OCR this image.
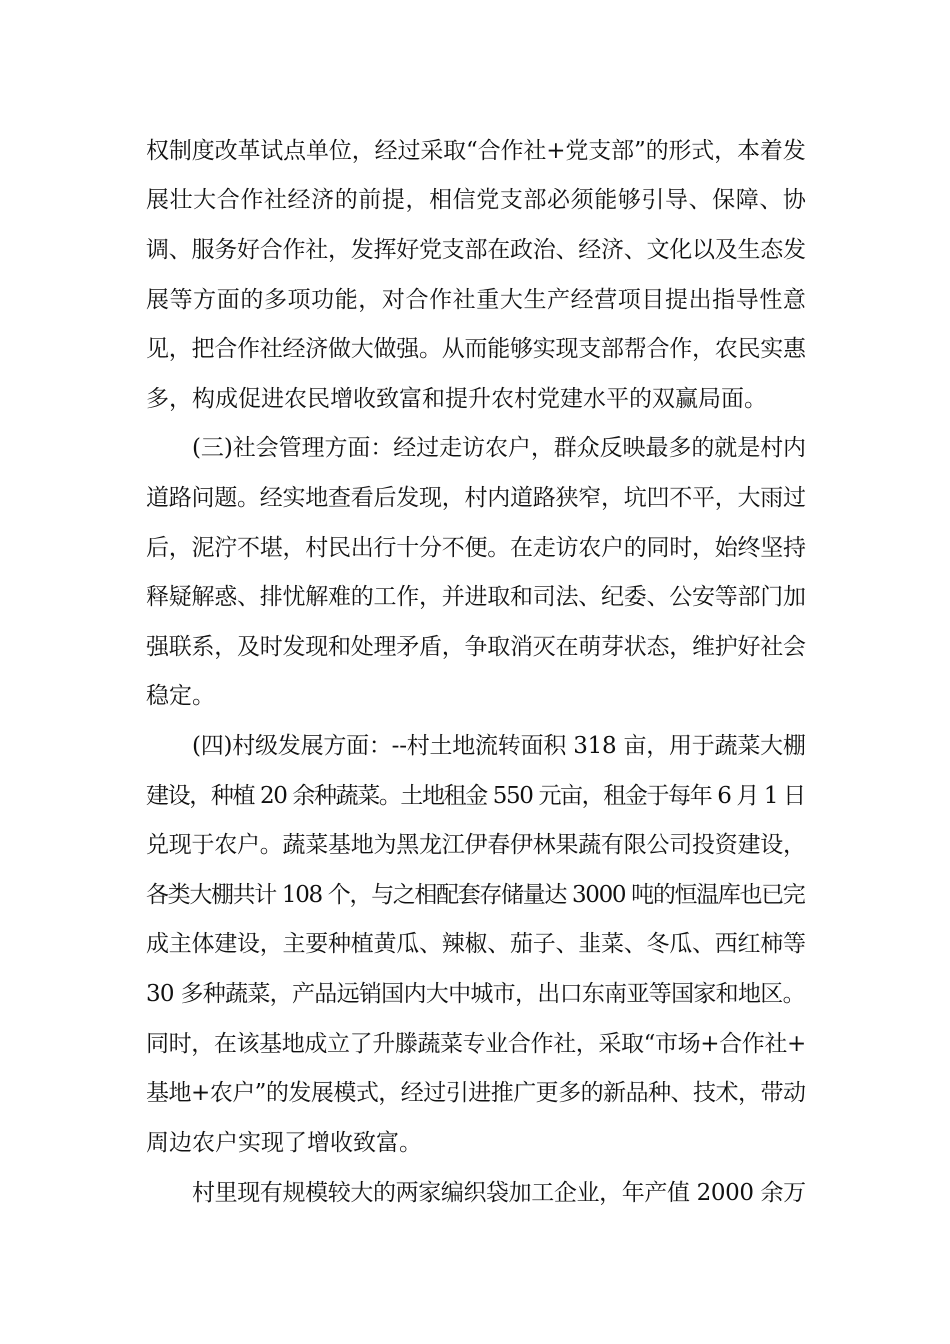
权制度改革试点单位，经过采取“合作社+党支部”的形式，本着发
展壮大合作社经济的前提，相信党支部必须能够引导、保障、协
调、服务好合作社，发挥好党支部在政治、经济、文化以及生态发
展等方面的多项功能，对合作社重大生产经营项目提出指导性意
见，把合作社经济做大做强。从而能够实现支部帮合作，农民实惠
多，构成促进农民增收致富和提升农村党建水平的双赢局面。
(三)社会管理方面：经过走访农户，群众反映最多的就是村内
道路问题。经实地查看后发现，村内道路狭窄，坑凹不平，大雨过
后，泥泞不堪，村民出行十分不便。在走访农户的同时，始终坚持
释疑解惑、排忧解难的工作，并进取和司法、纪委、公安等部门加
强联系，及时发现和处理矛盾，争取消灭在萌芽状态，维护好社会
稳定。
(四)村级发展方面：--村土地流转面积 318 亩，用于蔬菜大棚
建设，种植 20 余种蔬菜。土地租金 550 元亩，租金于每年 6 月 1 日
兑现于农户。蔬菜基地为黑龙江伊春伊林果蔬有限公司投资建设，
各类大棚共计 108 个，与之相配套存储量达 3000 吨的恒温库也已完
成主体建设，主要种植黄瓜、辣椒、茄子、韭菜、冬瓜、西红柿等
30 多种蔬菜，产品远销国内大中城市，出口东南亚等国家和地区。
同时，在该基地成立了升滕蔬菜专业合作社，采取“市场+合作社+
基地+农户”的发展模式，经过引进推广更多的新品种、技术，带动
周边农户实现了增收致富。
村里现有规模较大的两家编织袋加工企业，年产值 2000 余万
